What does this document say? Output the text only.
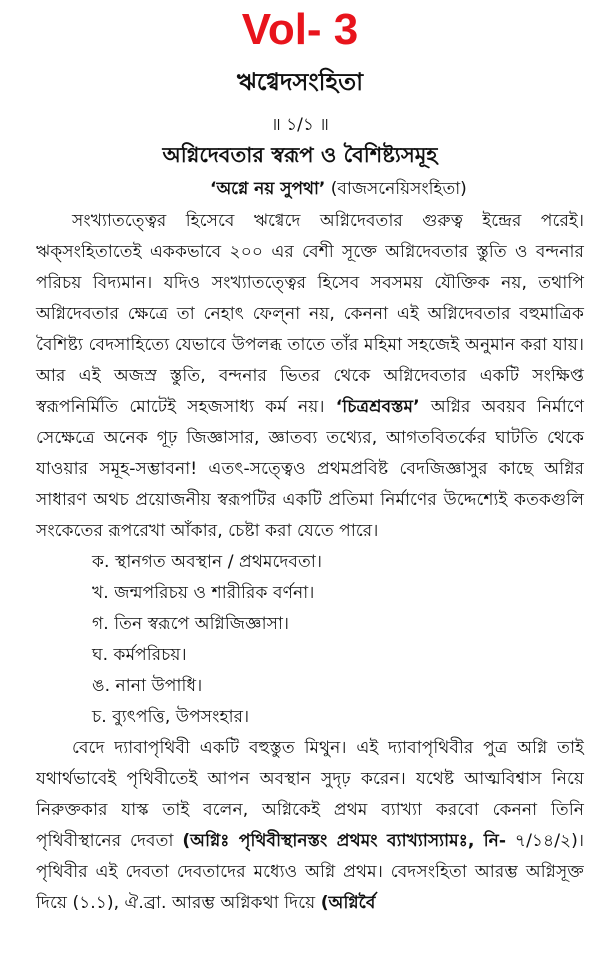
Vol- 3
ঋগ্বেদসংহিতা
॥ ১/১ ॥
অগ্নিদেবতার স্বরূপ ও বৈশিষ্ট্যসমূহ
‘অগ্নে নয় সুপথা’ (বাজসনেয়িসংহিতা)

সংখ্যাতত্ত্বের হিসেবে ঋগ্বেদে অগ্নিদেবতার গুরুত্ব ইন্দ্রের পরেই। ঋক্‌সংহিতাতেই এককভাবে ২০০ এর বেশী সূক্তে অগ্নিদেবতার স্তুতি ও বন্দনার পরিচয় বিদ্যমান। যদিও সংখ্যাতত্ত্বের হিসেব সবসময় যৌক্তিক নয়, তথাপি অগ্নিদেবতার ক্ষেত্রে তা নেহাৎ ফেল্‌না নয়, কেননা এই অগ্নিদেবতার বহুমাত্রিক বৈশিষ্ট্য বেদসাহিত্যে যেভাবে উপলব্ধ তাতে তাঁর মহিমা সহজেই অনুমান করা যায়। আর এই অজস্র স্তুতি, বন্দনার ভিতর থেকে অগ্নিদেবতার একটি সংক্ষিপ্ত স্বরূপনির্মিতি মোটেই সহজসাধ্য কর্ম নয়। ‘চিত্রশ্রবস্তম’ অগ্নির অবয়ব নির্মাণে সেক্ষেত্রে অনেক গূঢ় জিজ্ঞাসার, জ্ঞাতব্য তথ্যের, আগতবিতর্কের ঘাটতি থেকে যাওয়ার সমূহ-সম্ভাবনা! এতৎ-সত্ত্বেও প্রথমপ্রবিষ্ট বেদজিজ্ঞাসুর কাছে অগ্নির সাধারণ অথচ প্রয়োজনীয় স্বরূপটির একটি প্রতিমা নির্মাণের উদ্দেশ্যেই কতকগুলি সংকেতের রূপরেখা আঁকার, চেষ্টা করা যেতে পারে।

ক. স্থানগত অবস্থান / প্রথমদেবতা।
খ. জন্মপরিচয় ও শারীরিক বর্ণনা।
গ. তিন স্বরূপে অগ্নিজিজ্ঞাসা।
ঘ. কর্মপরিচয়।
ঙ. নানা উপাধি।
চ. ব্যুৎপত্তি, উপসংহার।

বেদে দ্যাবাপৃথিবী একটি বহুস্তুত মিথুন। এই দ্যাবাপৃথিবীর পুত্র অগ্নি তাই যথার্থভাবেই পৃথিবীতেই আপন অবস্থান সুদৃঢ় করেন। যথেষ্ট আত্মবিশ্বাস নিয়ে নিরুক্তকার যাস্ক তাই বলেন, অগ্নিকেই প্রথম ব্যাখ্যা করবো কেননা তিনি পৃথিবীস্থানের দেবতা (অগ্নিঃ পৃথিবীস্থানস্তং প্রথমং ব্যাখ্যাস্যামঃ, নি- ৭/১৪/২)। পৃথিবীর এই দেবতা দেবতাদের মধ্যেও অগ্নি প্রথম। বেদসংহিতা আরম্ভ অগ্নিসূক্ত দিয়ে (১.১), ঐ.ব্রা. আরম্ভ অগ্নিকথা দিয়ে (অগ্নির্বৈ
